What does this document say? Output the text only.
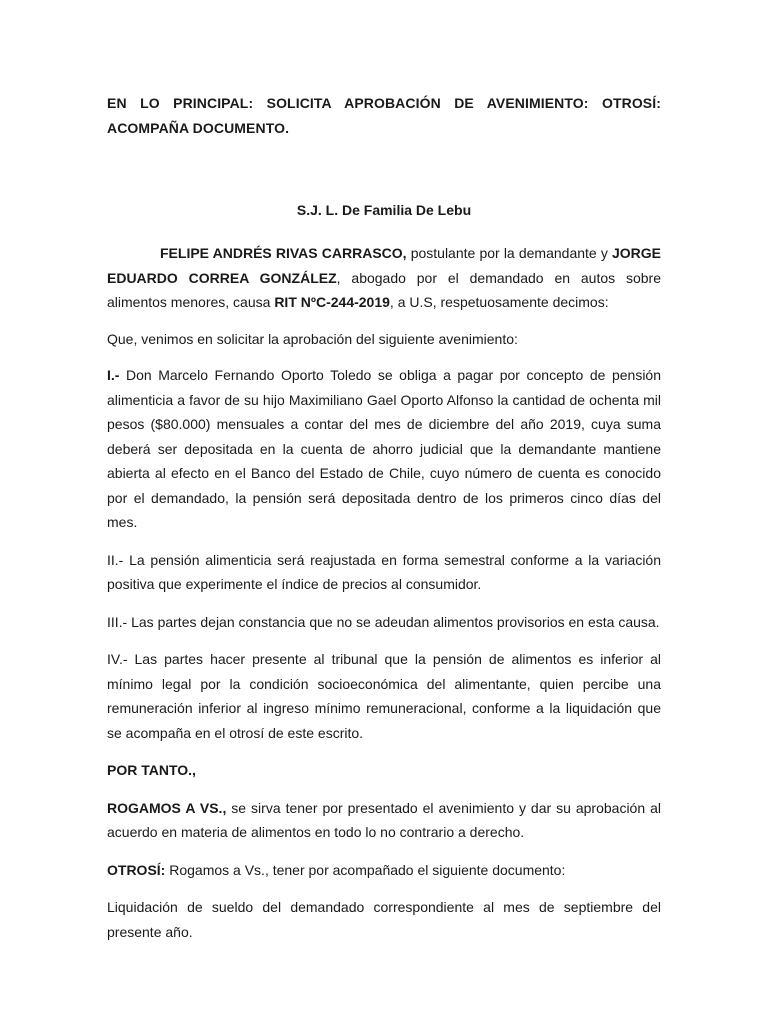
EN LO PRINCIPAL: SOLICITA APROBACIÓN DE AVENIMIENTO: OTROSÍ:
ACOMPAÑA DOCUMENTO.

S.J. L. De Familia De Lebu

FELIPE ANDRÉS RIVAS CARRASCO, postulante por la demandante y JORGE EDUARDO CORREA GONZÁLEZ, abogado por el demandado en autos sobre alimentos menores, causa RIT NºC-244-2019, a U.S, respetuosamente decimos:

Que, venimos en solicitar la aprobación del siguiente avenimiento:

I.- Don Marcelo Fernando Oporto Toledo se obliga a pagar por concepto de pensión alimenticia a favor de su hijo Maximiliano Gael Oporto Alfonso la cantidad de ochenta mil pesos ($80.000) mensuales a contar del mes de diciembre del año 2019, cuya suma deberá ser depositada en la cuenta de ahorro judicial que la demandante mantiene abierta al efecto en el Banco del Estado de Chile, cuyo número de cuenta es conocido por el demandado, la pensión será depositada dentro de los primeros cinco días del mes.

II.- La pensión alimenticia será reajustada en forma semestral conforme a la variación positiva que experimente el índice de precios al consumidor.

III.- Las partes dejan constancia que no se adeudan alimentos provisorios en esta causa.

IV.- Las partes hacer presente al tribunal que la pensión de alimentos es inferior al mínimo legal por la condición socioeconómica del alimentante, quien percibe una remuneración inferior al ingreso mínimo remuneracional, conforme a la liquidación que se acompaña en el otrosí de este escrito.

POR TANTO.,

ROGAMOS A VS., se sirva tener por presentado el avenimiento y dar su aprobación al acuerdo en materia de alimentos en todo lo no contrario a derecho.

OTROSÍ: Rogamos a Vs., tener por acompañado el siguiente documento:

Liquidación de sueldo del demandado correspondiente al mes de septiembre del presente año.
